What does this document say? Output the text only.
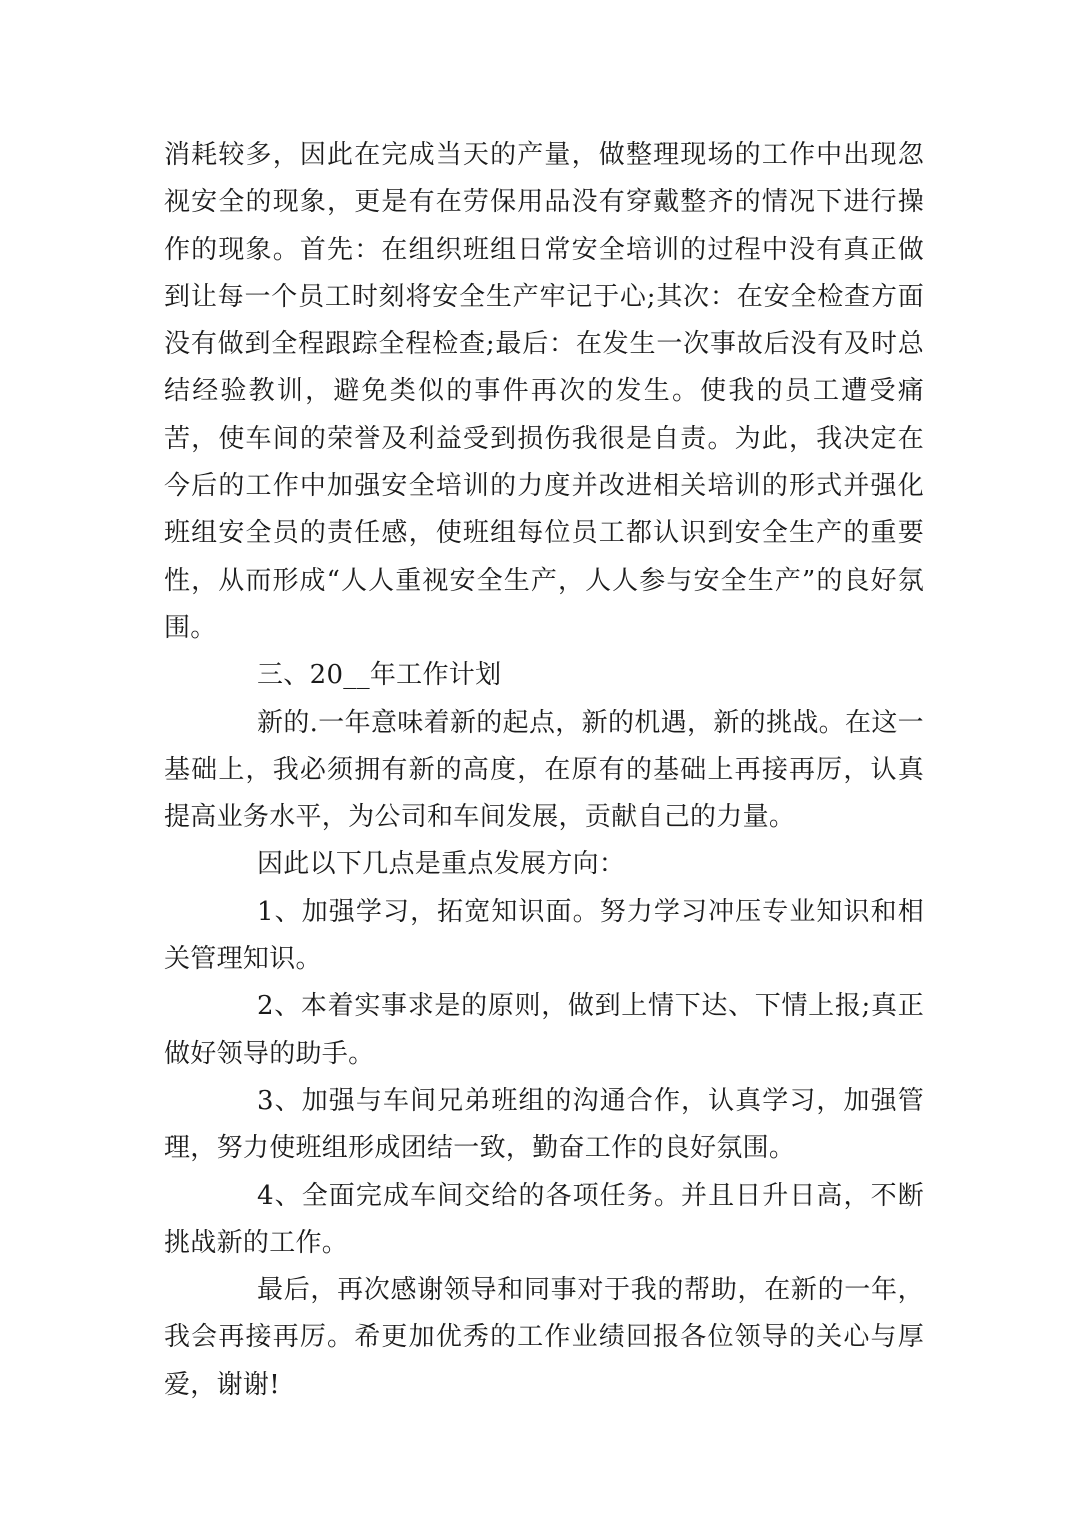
消耗较多，因此在完成当天的产量，做整理现场的工作中出现忽视安全的现象，更是有在劳保用品没有穿戴整齐的情况下进行操作的现象。首先：在组织班组日常安全培训的过程中没有真正做到让每一个员工时刻将安全生产牢记于心;其次：在安全检查方面没有做到全程跟踪全程检查;最后：在发生一次事故后没有及时总结经验教训，避免类似的事件再次的发生。使我的员工遭受痛苦，使车间的荣誉及利益受到损伤我很是自责。为此，我决定在今后的工作中加强安全培训的力度并改进相关培训的形式并强化班组安全员的责任感，使班组每位员工都认识到安全生产的重要性，从而形成“人人重视安全生产，人人参与安全生产”的良好氛围。

三、20__年工作计划

新的.一年意味着新的起点，新的机遇，新的挑战。在这一基础上，我必须拥有新的高度，在原有的基础上再接再厉，认真提高业务水平，为公司和车间发展，贡献自己的力量。

因此以下几点是重点发展方向：

1、加强学习，拓宽知识面。努力学习冲压专业知识和相关管理知识。

2、本着实事求是的原则，做到上情下达、下情上报;真正做好领导的助手。

3、加强与车间兄弟班组的沟通合作，认真学习，加强管理，努力使班组形成团结一致，勤奋工作的良好氛围。

4、全面完成车间交给的各项任务。并且日升日高，不断挑战新的工作。

最后，再次感谢领导和同事对于我的帮助，在新的一年，我会再接再厉。希更加优秀的工作业绩回报各位领导的关心与厚爱，谢谢!
